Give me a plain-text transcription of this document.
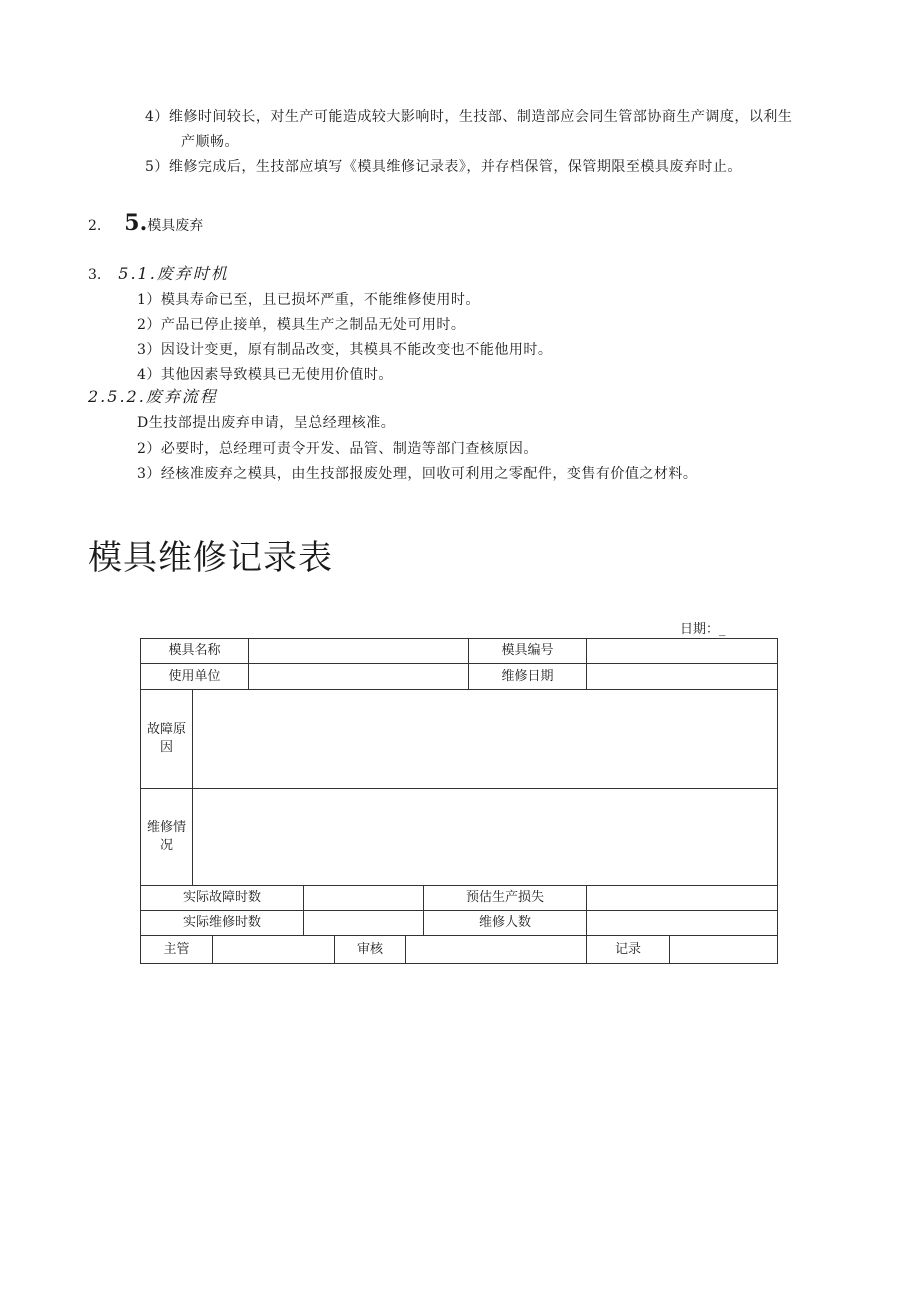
4）维修时间较长，对生产可能造成较大影响时，生技部、制造部应会同生管部协商生产调度，以利生
产顺畅。
5）维修完成后，生技部应填写《模具维修记录表》，并存档保管，保管期限至模具废弃时止。
2. 5.模具废弃
3. 5.1.废弃时机
1）模具寿命已至，且已损坏严重，不能维修使用时。
2）产品已停止接单，模具生产之制品无处可用时。
3）因设计变更，原有制品改变，其模具不能改变也不能他用时。
4）其他因素导致模具已无使用价值时。
2.5.2.废弃流程
D生技部提出废弃申请，呈总经理核准。
2）必要时，总经理可责令开发、品管、制造等部门查核原因。
3）经核准废弃之模具，由生技部报废处理，回收可利用之零配件，变售有价值之材料。
模具维修记录表
日期：_
模具名称	模具编号
使用单位	维修日期
故障原因
维修情况
实际故障时数	预估生产损失
实际维修时数	维修人数
主管	审核	记录
